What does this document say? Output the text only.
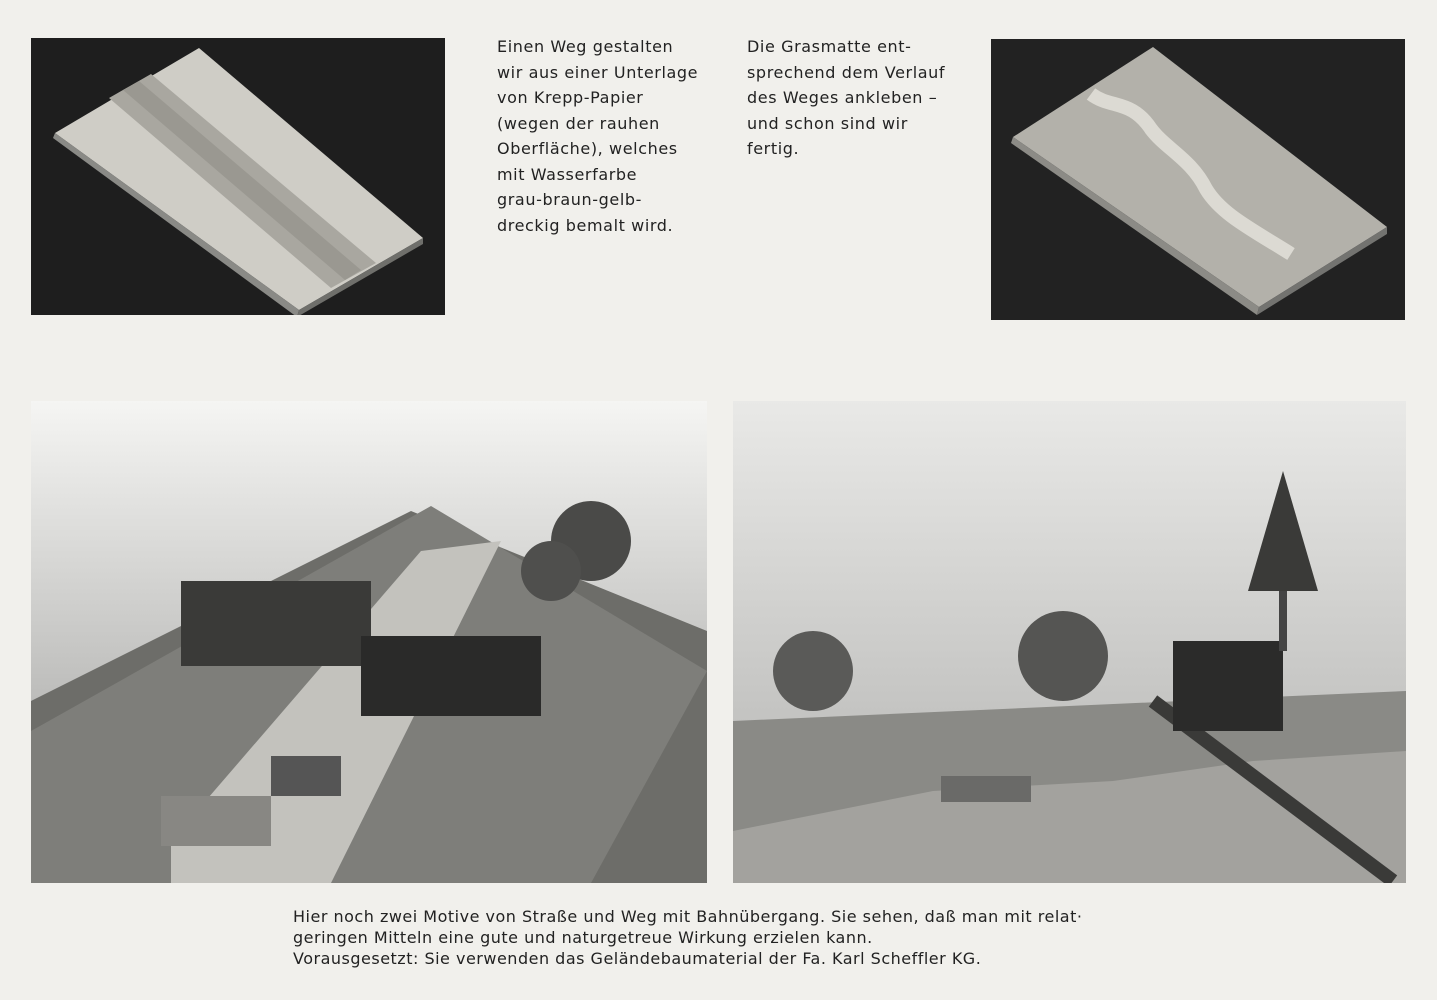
Einen Weg gestalten
wir aus einer Unterlage
von Krepp-Papier
(wegen der rauhen
Oberfläche), welches
mit Wasserfarbe
grau-braun-gelb-
dreckig bemalt wird.
Die Grasmatte ent-
sprechend dem Verlauf
des Weges ankleben –
und schon sind wir
fertig.
Hier noch zwei Motive von Straße und Weg mit Bahnübergang. Sie sehen, daß man mit relat·
geringen Mitteln eine gute und naturgetreue Wirkung erzielen kann.
Vorausgesetzt: Sie verwenden das Geländebaumaterial der Fa. Karl Scheffler KG.
